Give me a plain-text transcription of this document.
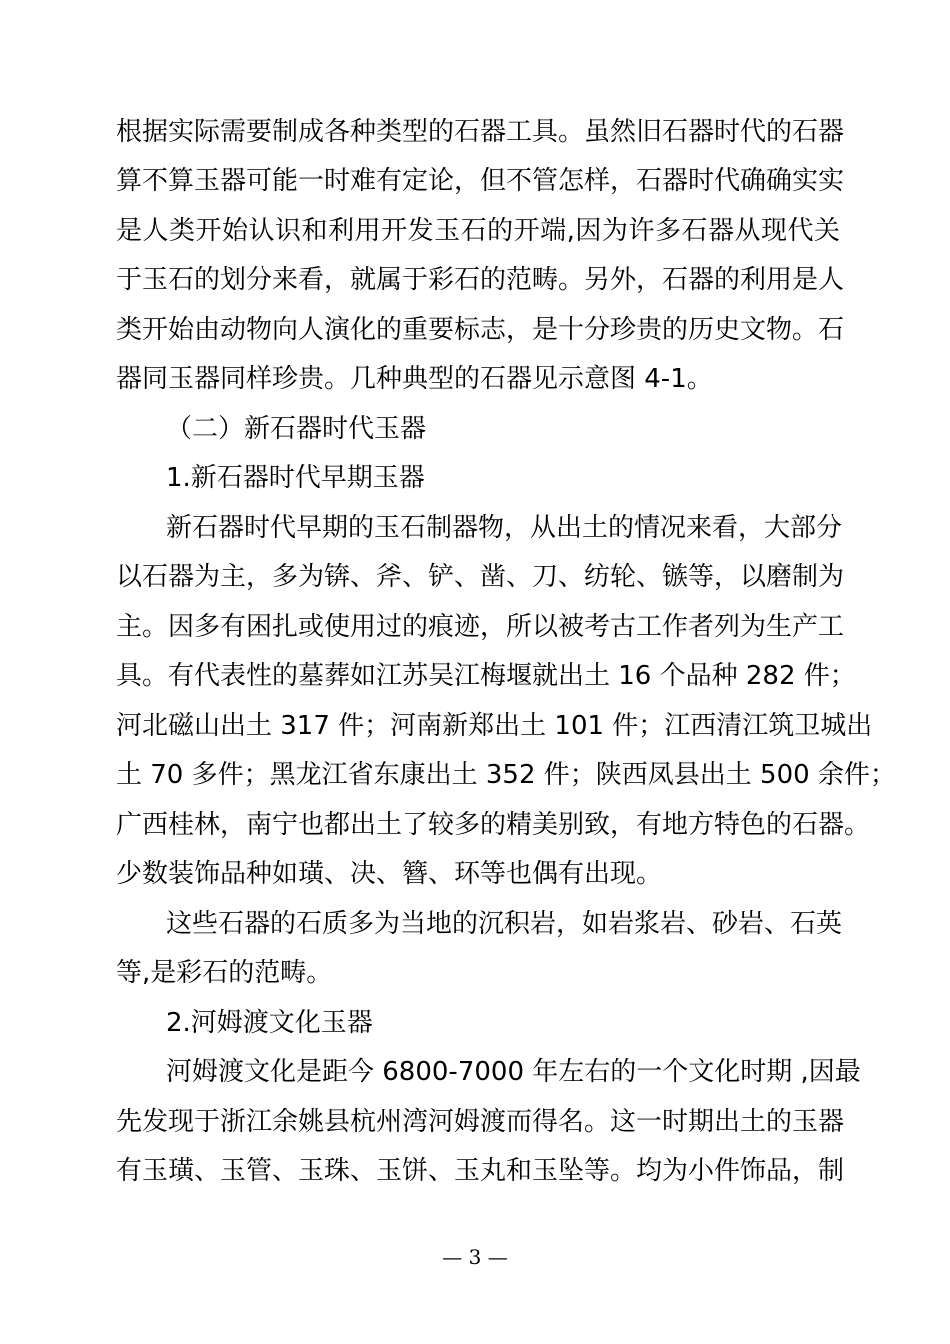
根据实际需要制成各种类型的石器工具。虽然旧石器时代的石器
算不算玉器可能一时难有定论，但不管怎样，石器时代确确实实
是人类开始认识和利用开发玉石的开端,因为许多石器从现代关
于玉石的划分来看，就属于彩石的范畴。另外，石器的利用是人
类开始由动物向人演化的重要标志，是十分珍贵的历史文物。石
器同玉器同样珍贵。几种典型的石器见示意图 4-1。
（二）新石器时代玉器
1.新石器时代早期玉器
新石器时代早期的玉石制器物，从出土的情况来看，大部分
以石器为主，多为锛、斧、铲、凿、刀、纺轮、镞等，以磨制为
主。因多有困扎或使用过的痕迹，所以被考古工作者列为生产工
具。有代表性的墓葬如江苏吴江梅堰就出土 16 个品种 282 件；
河北磁山出土 317 件；河南新郑出土 101 件；江西清江筑卫城出
土 70 多件；黑龙江省东康出土 352 件；陕西凤县出土 500 余件；
广西桂林，南宁也都出土了较多的精美别致，有地方特色的石器。
少数装饰品种如璜、决、簪、环等也偶有出现。
这些石器的石质多为当地的沉积岩，如岩浆岩、砂岩、石英
等,是彩石的范畴。
2.河姆渡文化玉器
河姆渡文化是距今 6800-7000 年左右的一个文化时期 ,因最
先发现于浙江余姚县杭州湾河姆渡而得名。这一时期出土的玉器
有玉璜、玉管、玉珠、玉饼、玉丸和玉坠等。均为小件饰品，制
— 3 —
